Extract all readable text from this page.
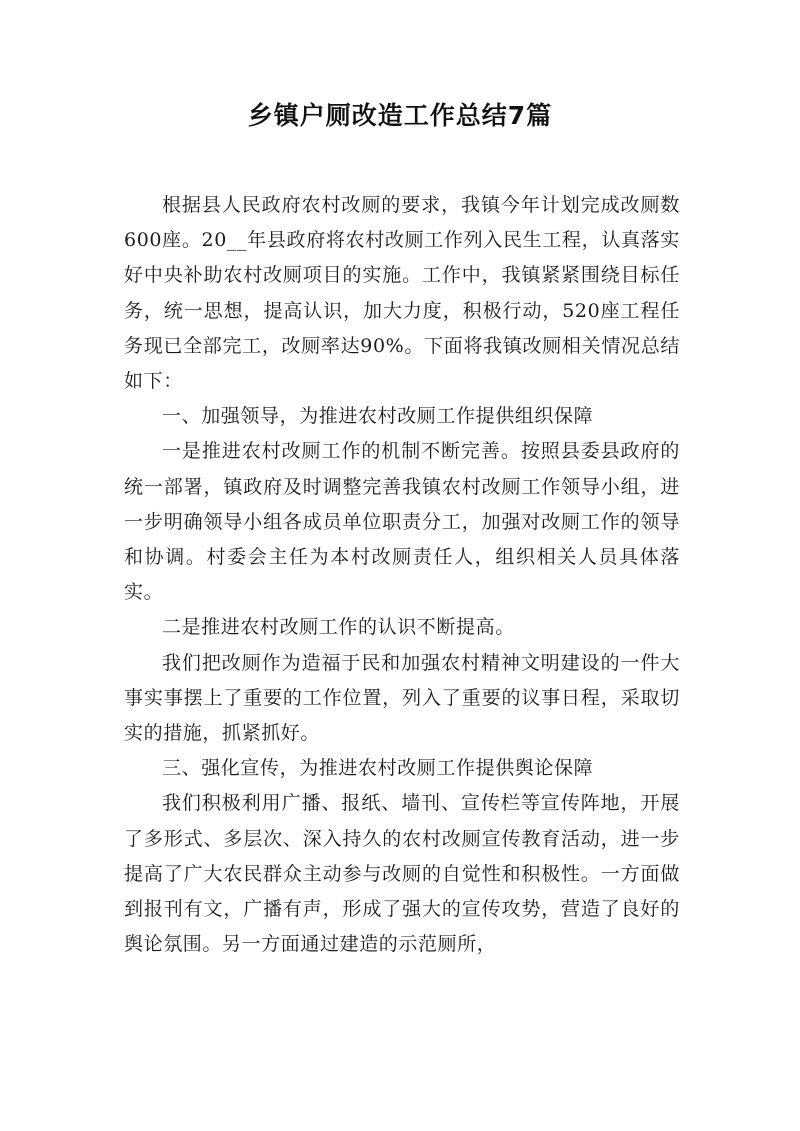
乡镇户厕改造工作总结7篇

根据县人民政府农村改厕的要求，我镇今年计划完成改厕数600座。20__年县政府将农村改厕工作列入民生工程，认真落实好中央补助农村改厕项目的实施。工作中，我镇紧紧围绕目标任务，统一思想，提高认识，加大力度，积极行动，520座工程任务现已全部完工，改厕率达90%。下面将我镇改厕相关情况总结如下：

一、加强领导，为推进农村改厕工作提供组织保障

一是推进农村改厕工作的机制不断完善。按照县委县政府的统一部署，镇政府及时调整完善我镇农村改厕工作领导小组，进一步明确领导小组各成员单位职责分工，加强对改厕工作的领导和协调。村委会主任为本村改厕责任人，组织相关人员具体落实。

二是推进农村改厕工作的认识不断提高。

我们把改厕作为造福于民和加强农村精神文明建设的一件大事实事摆上了重要的工作位置，列入了重要的议事日程，采取切实的措施，抓紧抓好。

三、强化宣传，为推进农村改厕工作提供舆论保障

我们积极利用广播、报纸、墙刊、宣传栏等宣传阵地，开展了多形式、多层次、深入持久的农村改厕宣传教育活动，进一步提高了广大农民群众主动参与改厕的自觉性和积极性。一方面做到报刊有文，广播有声，形成了强大的宣传攻势，营造了良好的舆论氛围。另一方面通过建造的示范厕所，
